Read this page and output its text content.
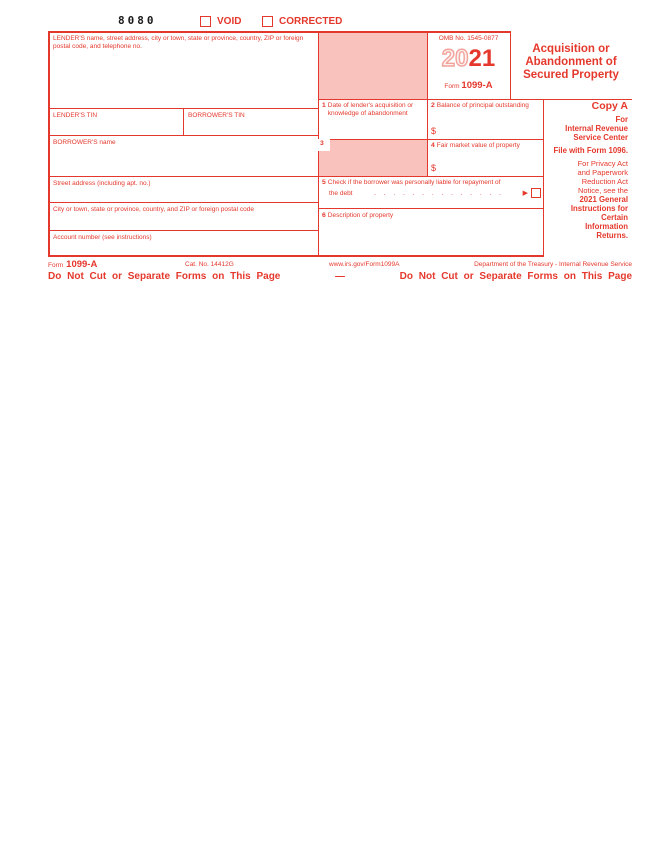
8080	VOID	CORRECTED
3
LENDER'S name, street address, city or town, state or province, country, ZIP or foreign postal code, and telephone no.
LENDER'S TIN	BORROWER'S TIN
BORROWER'S name
Street address (including apt. no.)
City or town, state or province, country, and ZIP or foreign postal code
Account number (see instructions)
1 Date of lender's acquisition or knowledge of abandonment
2 Balance of principal outstanding
$
4 Fair market value of property
$
5 Check if the borrower was personally liable for repayment of
the debt	. . . . . . . . . . . . . .	▶
6 Description of property
OMB No. 1545-0877
2021
Form 1099-A
Acquisition or
Abandonment of
Secured Property
Copy A
For
Internal Revenue
Service Center
File with Form 1096.
For Privacy Act
and Paperwork
Reduction Act
Notice, see the
2021 General
Instructions for
Certain
Information
Returns.
Form 1099-A	Cat. No. 14412G	www.irs.gov/Form1099A	Department of the Treasury - Internal Revenue Service
Do Not Cut or Separate Forms on This Page	—	Do Not Cut or Separate Forms on This Page
